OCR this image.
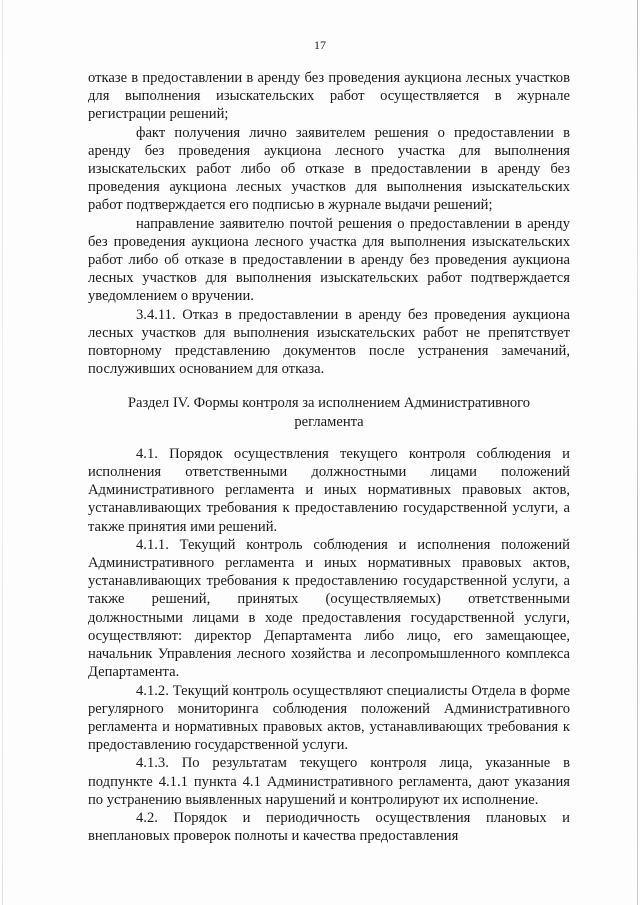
17

отказе в предоставлении в аренду без проведения аукциона лесных участков для выполнения изыскательских работ осуществляется в журнале регистрации решений;

факт получения лично заявителем решения о предоставлении в аренду без проведения аукциона лесного участка для выполнения изыскательских работ либо об отказе в предоставлении в аренду без проведения аукциона лесных участков для выполнения изыскательских работ подтверждается его подписью в журнале выдачи решений;

направление заявителю почтой решения о предоставлении в аренду без проведения аукциона лесного участка для выполнения изыскательских работ либо об отказе в предоставлении в аренду без проведения аукциона лесных участков для выполнения изыскательских работ подтверждается уведомлением о вручении.

3.4.11. Отказ в предоставлении в аренду без проведения аукциона лесных участков для выполнения изыскательских работ не препятствует повторному представлению документов после устранения замечаний, послуживших основанием для отказа.

Раздел IV. Формы контроля за исполнением Административного
регламента

4.1. Порядок осуществления текущего контроля соблюдения и исполнения ответственными должностными лицами положений Административного регламента и иных нормативных правовых актов, устанавливающих требования к предоставлению государственной услуги, а также принятия ими решений.

4.1.1. Текущий контроль соблюдения и исполнения положений Административного регламента и иных нормативных правовых актов, устанавливающих требования к предоставлению государственной услуги, а также решений, принятых (осуществляемых) ответственными должностными лицами в ходе предоставления государственной услуги, осуществляют: директор Департамента либо лицо, его замещающее, начальник Управления лесного хозяйства и лесопромышленного комплекса Департамента.

4.1.2. Текущий контроль осуществляют специалисты Отдела в форме регулярного мониторинга соблюдения положений Административного регламента и нормативных правовых актов, устанавливающих требования к предоставлению государственной услуги.

4.1.3. По результатам текущего контроля лица, указанные в подпункте 4.1.1 пункта 4.1 Административного регламента, дают указания по устранению выявленных нарушений и контролируют их исполнение.

4.2. Порядок и периодичность осуществления плановых и внеплановых проверок полноты и качества предоставления
